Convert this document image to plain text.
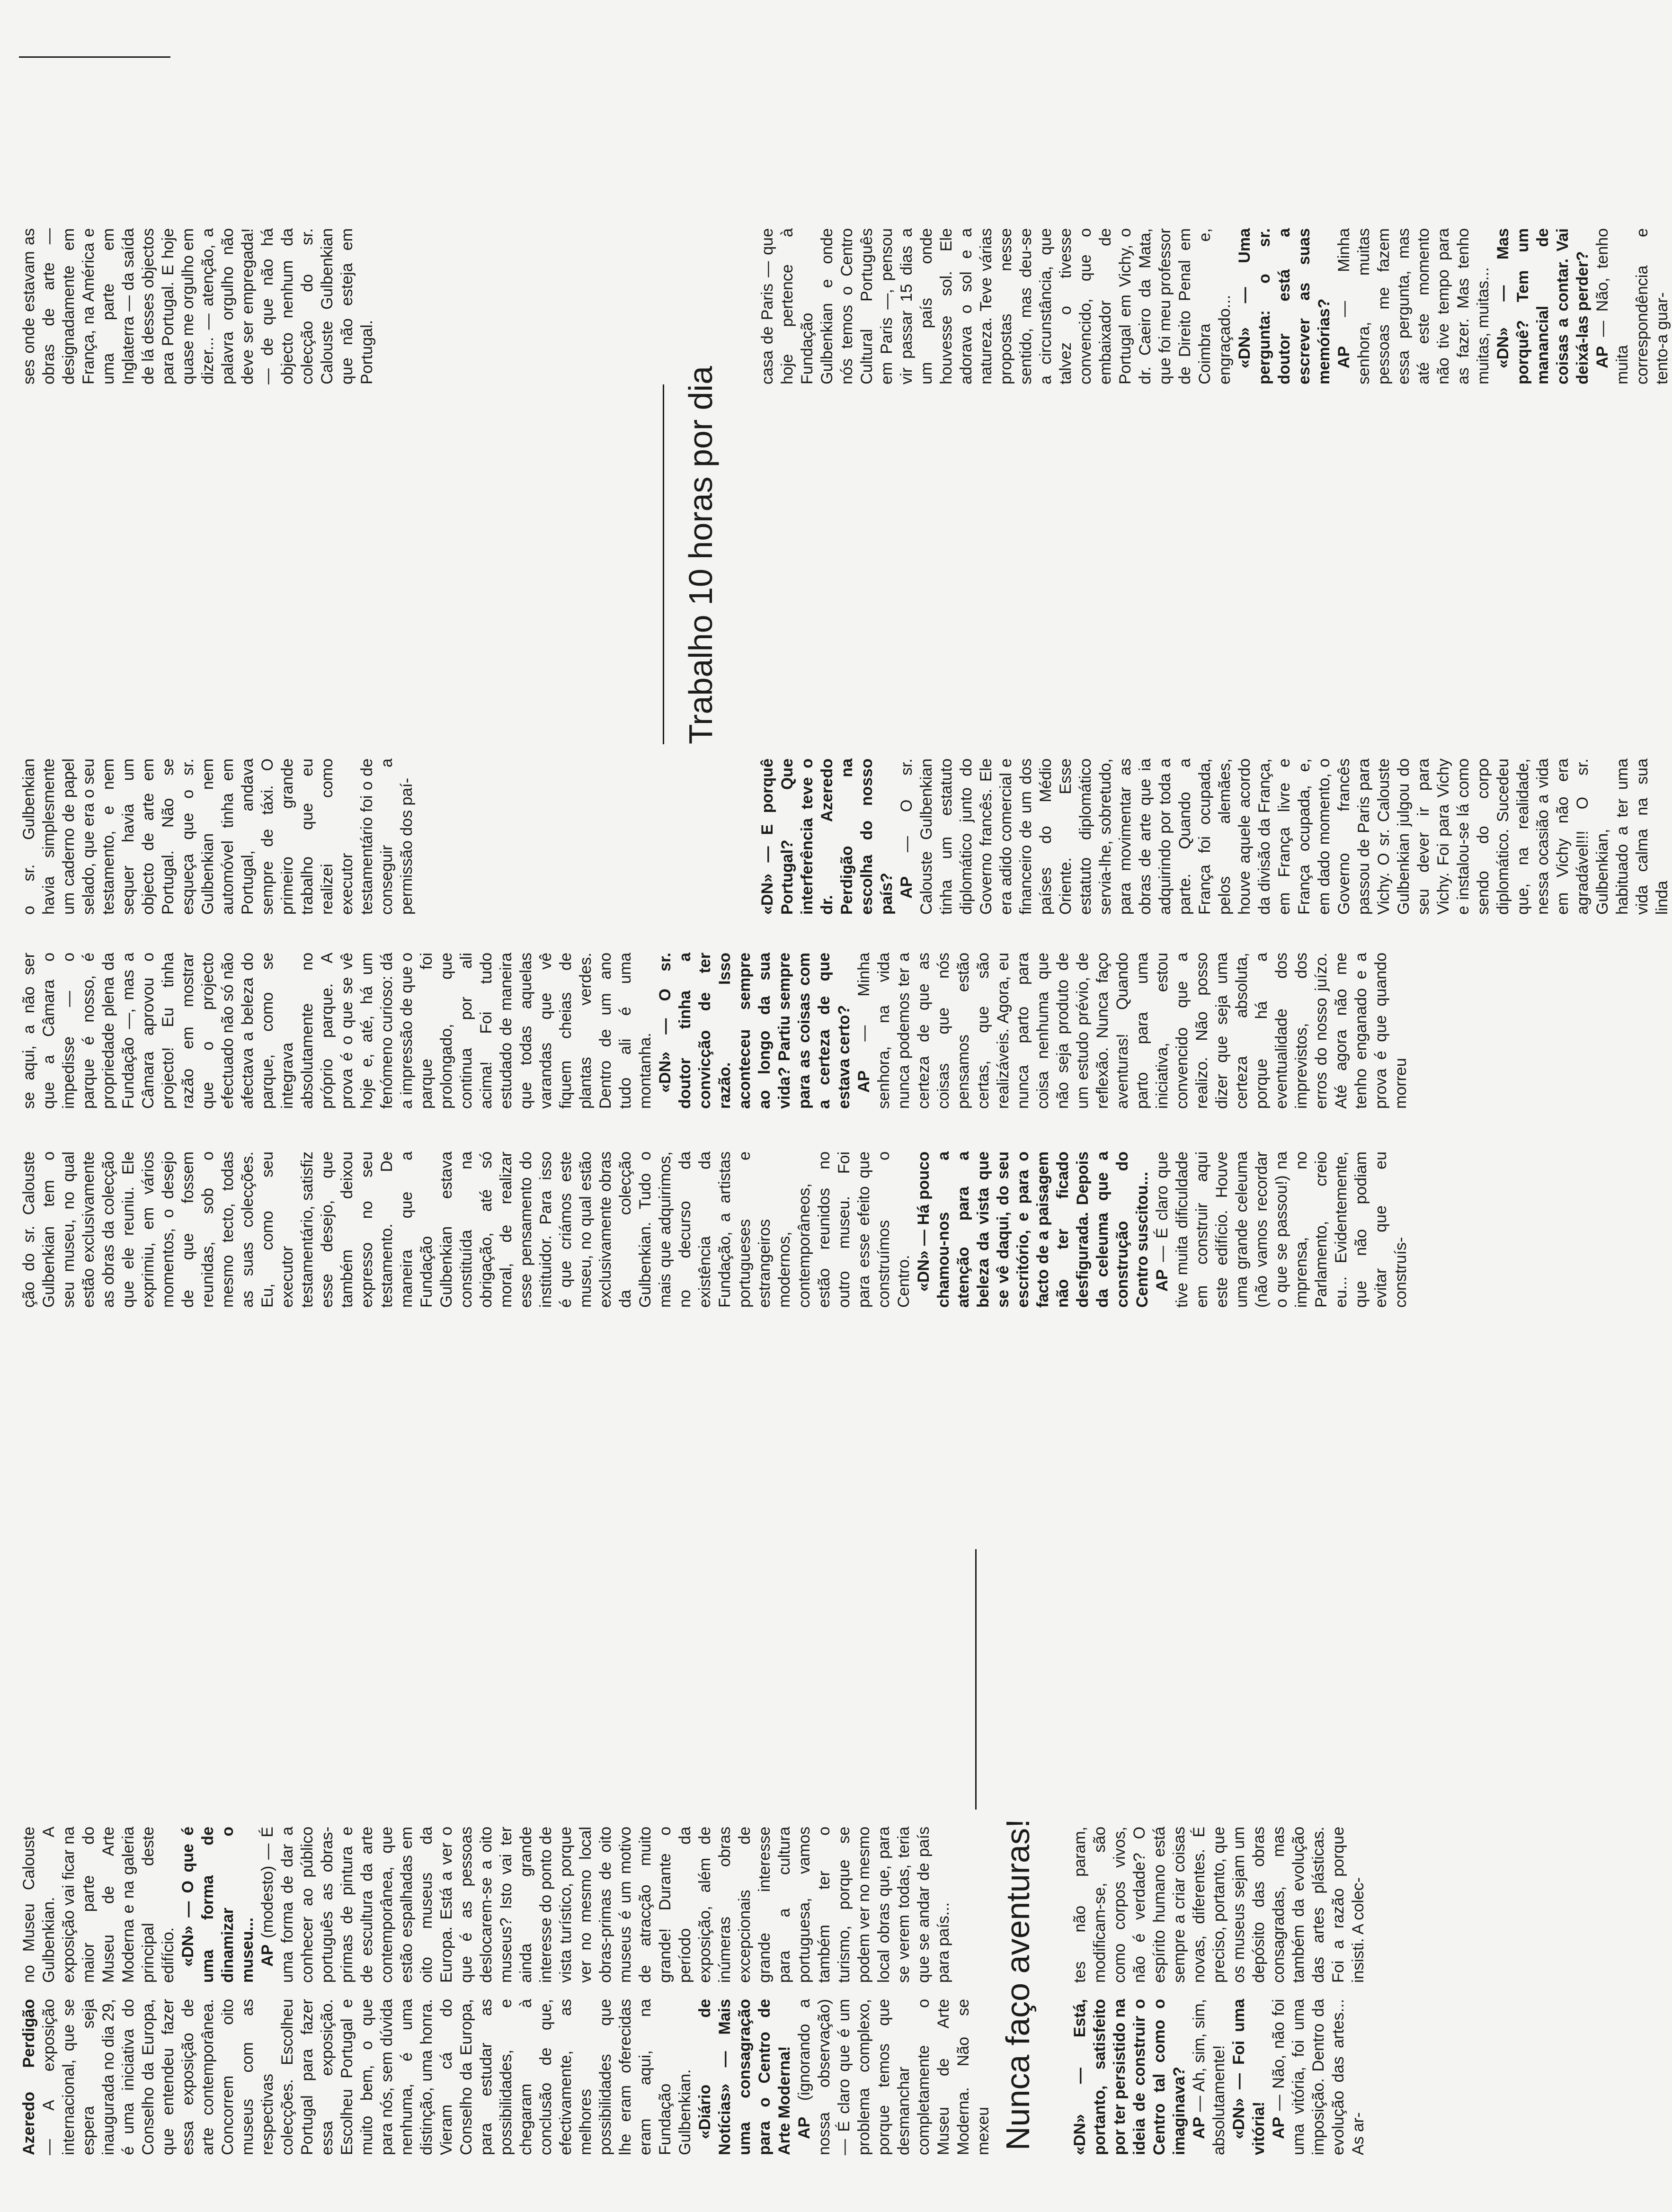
Azeredo Perdigão — A exposição internacional, que se espera seja inaugurada no dia 29, é uma iniciativa do Conselho da Europa, que entendeu fazer essa exposição de arte contemporânea. Concorrem oito museus com as respectivas colecções. Escolheu Portugal para fazer essa exposição. Escolheu Portugal e muito bem, o que para nós, sem dúvida nenhuma, é uma distinção, uma honra. Vieram cá do Conselho da Europa, para estudar as possibilidades, e chegaram à conclusão de que, efectivamente, as melhores possibilidades que lhe eram oferecidas eram aqui, na Fundação Gulbenkian. «Diário de Notícias» — Mais uma consagração para o Centro de Arte Moderna! AP (ignorando a nossa observação) — É claro que é um problema complexo, porque temos que desmanchar completamente o Museu de Arte Moderna. Não se mexeu

no Museu Calouste Gulbenkian. A exposição vai ficar na maior parte do Museu de Arte Moderna e na galeria principal deste edifício. «DN» — O que é uma forma de dinamizar o museu... AP (modesto) — É uma forma de dar a conhecer ao público português as obras-primas de pintura e de escultura da arte contemporânea, que estão espalhadas em oito museus da Europa. Está a ver o que é as pessoas deslocarem-se a oito museus? Isto vai ter ainda grande interesse do ponto de vista turístico, porque ver no mesmo local obras-primas de oito museus é um motivo de atracção muito grande! Durante o período da exposição, além de inúmeras obras excepcionais de grande interesse para a cultura portuguesa, vamos também ter o turismo, porque se podem ver no mesmo local obras que, para se verem todas, teria que se andar de país para país...

ção do sr. Calouste Gulbenkian tem o seu museu, no qual estão exclusivamente as obras da colecção que ele reuniu. Ele exprimiu, em vários momentos, o desejo de que fossem reunidas, sob o mesmo tecto, todas as suas colecções. Eu, como seu executor testamentário, satisfiz esse desejo, que também deixou expresso no seu testamento. De maneira que a Fundação Gulbenkian estava constituída na obrigação, até só moral, de realizar esse pensamento do instituidor. Para isso é que criámos este museu, no qual estão exclusivamente obras da colecção Gulbenkian. Tudo o mais que adquirimos, no decurso da existência da Fundação, a artistas portugueses e estrangeiros modernos, contemporâneos, estão reunidos no outro museu. Foi para esse efeito que construímos o Centro. «DN» — Há pouco chamou-nos a atenção para a beleza da vista que se vê daqui, do seu escritório, e para o facto de a paisagem não ter ficado desfigurada. Depois da celeuma que a construção do Centro suscitou... AP — É claro que tive muita dificuldade em construir aqui este edifício. Houve uma grande celeuma (não vamos recordar o que se passou!) na imprensa, no Parlamento, creio eu... Evidentemente, que não podiam evitar que eu construís-

«DN» — Está, portanto, satisfeito por ter persistido na ideia de construir o Centro tal como o imaginava? AP — Ah, sim, sim, absolutamente! «DN» — Foi uma vitória! AP — Não, não foi uma vitória, foi uma imposição. Dentro da evolução das artes... As ar-

tes não param, modificam-se, são como corpos vivos, não é verdade? O espírito humano está sempre a criar coisas novas, diferentes. É preciso, portanto, que os museus sejam um depósito das obras consagradas, mas também da evolução das artes plásticas. Foi a razão porque insisti. A colec-

se aqui, a não ser que a Câmara o impedisse — o parque é nosso, é propriedade plena da Fundação —, mas a Câmara aprovou o projecto! Eu tinha razão em mostrar que o projecto efectuado não só não afectava a beleza do parque, como se integrava absolutamente no próprio parque. A prova é o que se vê hoje e, até, há um fenómeno curioso: dá a impressão de que o parque foi prolongado, que continua por ali acima! Foi tudo estudado de maneira que todas aquelas varandas que vê fiquem cheias de plantas verdes. Dentro de um ano tudo ali é uma montanha. «DN» — O sr. doutor tinha a convicção de ter razão. Isso aconteceu sempre ao longo da sua vida? Partiu sempre para as coisas com a certeza de que estava certo? AP — Minha senhora, na vida nunca podemos ter a certeza de que as coisas que nós pensamos estão certas, que são realizáveis. Agora, eu nunca parto para coisa nenhuma que não seja produto de um estudo prévio, de reflexão. Nunca faço aventuras! Quando parto para uma iniciativa, estou convencido que a realizo. Não posso dizer que seja uma certeza absoluta, porque há a eventualidade dos imprevistos, dos erros do nosso juízo. Até agora não me tenho enganado e a prova é que quando morreu

o sr. Gulbenkian havia simplesmente um caderno de papel selado, que era o seu testamento, e nem sequer havia um objecto de arte em Portugal. Não se esqueça que o sr. Gulbenkian nem automóvel tinha em Portugal, andava sempre de táxi. O primeiro grande trabalho que eu realizei como executor testamentário foi o de conseguir a permissão dos paí-	«DN» — E porquê Portugal? Que interferência teve o dr. Azeredo Perdigão na escolha do nosso país? AP — O sr. Calouste Gulbenkian tinha um estatuto diplomático junto do Governo francês. Ele era adido comercial e financeiro de um dos países do Médio Oriente. Esse estatuto diplomático servia-lhe, sobretudo, para movimentar as obras de arte que ia adquirindo por toda a parte. Quando a França foi ocupada, pelos alemães, houve aquele acordo da divisão da França, em França livre e França ocupada, e, em dado momento, o Governo francês passou de Paris para Vichy. O sr. Calouste Gulbenkian julgou do seu dever ir para Vichy. Foi para Vichy e instalou-se lá como sendo do corpo diplomático. Sucedeu que, na realidade, nessa ocasião a vida em Vichy não era agradável!!! O sr. Gulbenkian, habituado a ter uma vida calma na sua linda

ses onde estavam as obras de arte — designadamente em França, na América e uma parte em Inglaterra — da saída de lá desses objectos para Portugal. E hoje quase me orgulho em dizer... — atenção, a palavra orgulho não deve ser empregada! — de que não há objecto nenhum da colecção do sr. Calouste Gulbenkian que não esteja em Portugal.	casa de Paris — que hoje pertence à Fundação Gulbenkian e onde nós temos o Centro Cultural Português em Paris —, pensou vir passar 15 dias a um país onde houvesse sol. Ele adorava o sol e a natureza. Teve várias propostas nesse sentido, mas deu-se a circunstância, que talvez o tivesse convencido, que o embaixador de Portugal em Vichy, o dr. Caeiro da Mata, que foi meu professor de Direito Penal em Coimbra e, engraçado... «DN» — Uma pergunta: o sr. doutor está a escrever as suas memórias? AP — Minha senhora, muitas pessoas me fazem essa pergunta, mas até este momento não tive tempo para as fazer. Mas tenho muitas, muitas... «DN» — Mas porquê? Tem um manancial de coisas a contar. Vai deixá-las perder? AP — Não, tenho muita correspondência e tento-a guar-

Nunca faço aventuras!
Trabalho 10 horas por dia
